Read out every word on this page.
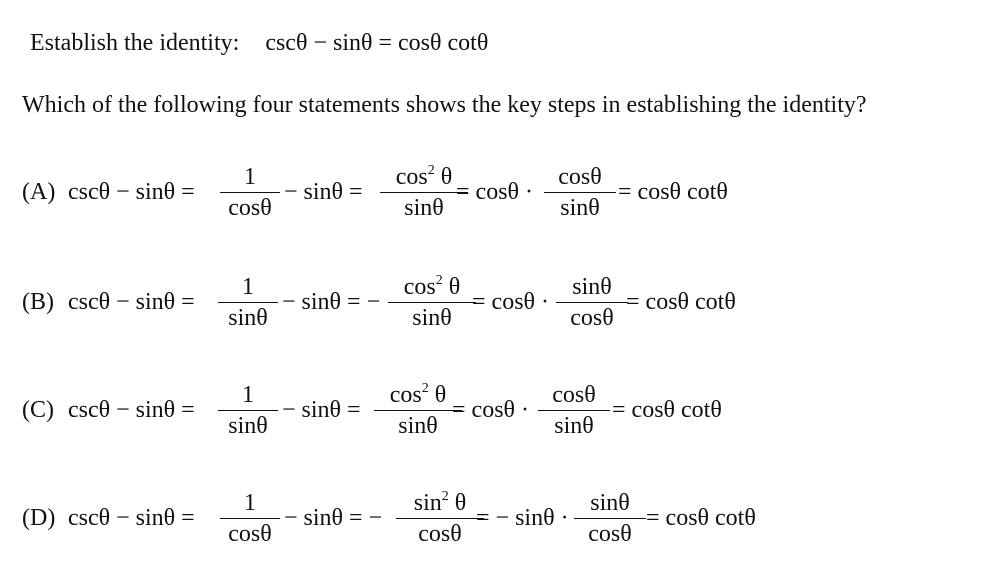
Establish the identity: cscθ − sinθ = cosθ cotθ
Which of the following four statements shows the key steps in establishing the identity?
(A) cscθ − sinθ =
1
cosθ
− sinθ =
$\cos^2 \theta$
sinθ
= cosθ ·
cosθ
sinθ
= cosθ cotθ
(B) cscθ − sinθ =
1
sinθ
− sinθ = −
$\cos^2 \theta$
sinθ
= cosθ ·
sinθ
cosθ
= cosθ cotθ
(C) cscθ − sinθ =
1
sinθ
− sinθ =
$\cos^2 \theta$
sinθ
= cosθ ·
cosθ
sinθ
= cosθ cotθ
(D) cscθ − sinθ =
1
cosθ
− sinθ = −
$\sin^2 \theta$
cosθ
= − sinθ ·
sinθ
cosθ
= cosθ cotθ
